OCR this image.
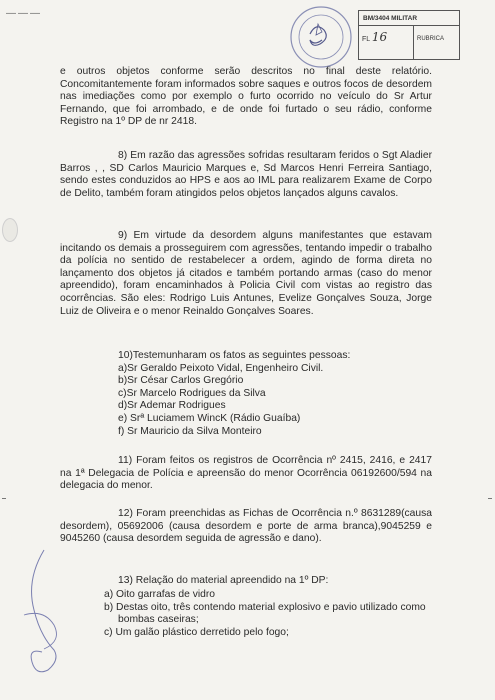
———	BM/3404 MILITAR
FL 16	RUBRICA

e outros objetos conforme serão descritos no final deste relatório. Concomitantemente foram informados sobre saques e outros focos de desordem nas imediações como por exemplo o furto ocorrido no veículo do Sr Artur Fernando, que foi arrombado, e de onde foi furtado o seu rádio, conforme Registro na 1º DP de nr 2418.

8) Em razão das agressões sofridas resultaram feridos o Sgt Aladier Barros , , SD Carlos Mauricio Marques e, Sd Marcos Henri Ferreira Santiago, sendo estes conduzidos ao HPS e aos ao IML para realizarem Exame de Corpo de Delito, também foram atingidos pelos objetos lançados alguns cavalos.

9) Em virtude da desordem alguns manifestantes que estavam incitando os demais a prosseguirem com agressões, tentando impedir o trabalho da polícia no sentido de restabelecer a ordem, agindo de forma direta no lançamento dos objetos já citados e também portando armas (caso do menor apreendido), foram encaminhados à Policia Civil com vistas ao registro das ocorrências. São eles: Rodrigo Luis Antunes, Evelize Gonçalves Souza, Jorge Luiz de Oliveira e o menor Reinaldo Gonçalves Soares.

10)Testemunharam os fatos as seguintes pessoas:

a)Sr Geraldo Peixoto Vidal, Engenheiro Civil.
b)Sr César Carlos Gregório
c)Sr Marcelo Rodrigues da Silva
d)Sr Ademar Rodrigues
e) Srª Luciamem WincK (Rádio Guaíba)
f) Sr Mauricio da Silva Monteiro

11) Foram feitos os registros de Ocorrência nº 2415, 2416, e 2417 na 1ª Delegacia de Polícia e apreensão do menor Ocorrência 06192600/594 na delegacia do menor.

12) Foram preenchidas as Fichas de Ocorrência n.º 8631289(causa desordem), 05692006 (causa desordem e porte de arma branca),9045259 e 9045260 (causa desordem seguida de agressão e dano).

13) Relação do material apreendido na 1º DP:

a) Oito garrafas de vidro
b) Destas oito, três contendo material explosivo e pavio utilizado como bombas caseiras;
c) Um galão plástico derretido pelo fogo;
